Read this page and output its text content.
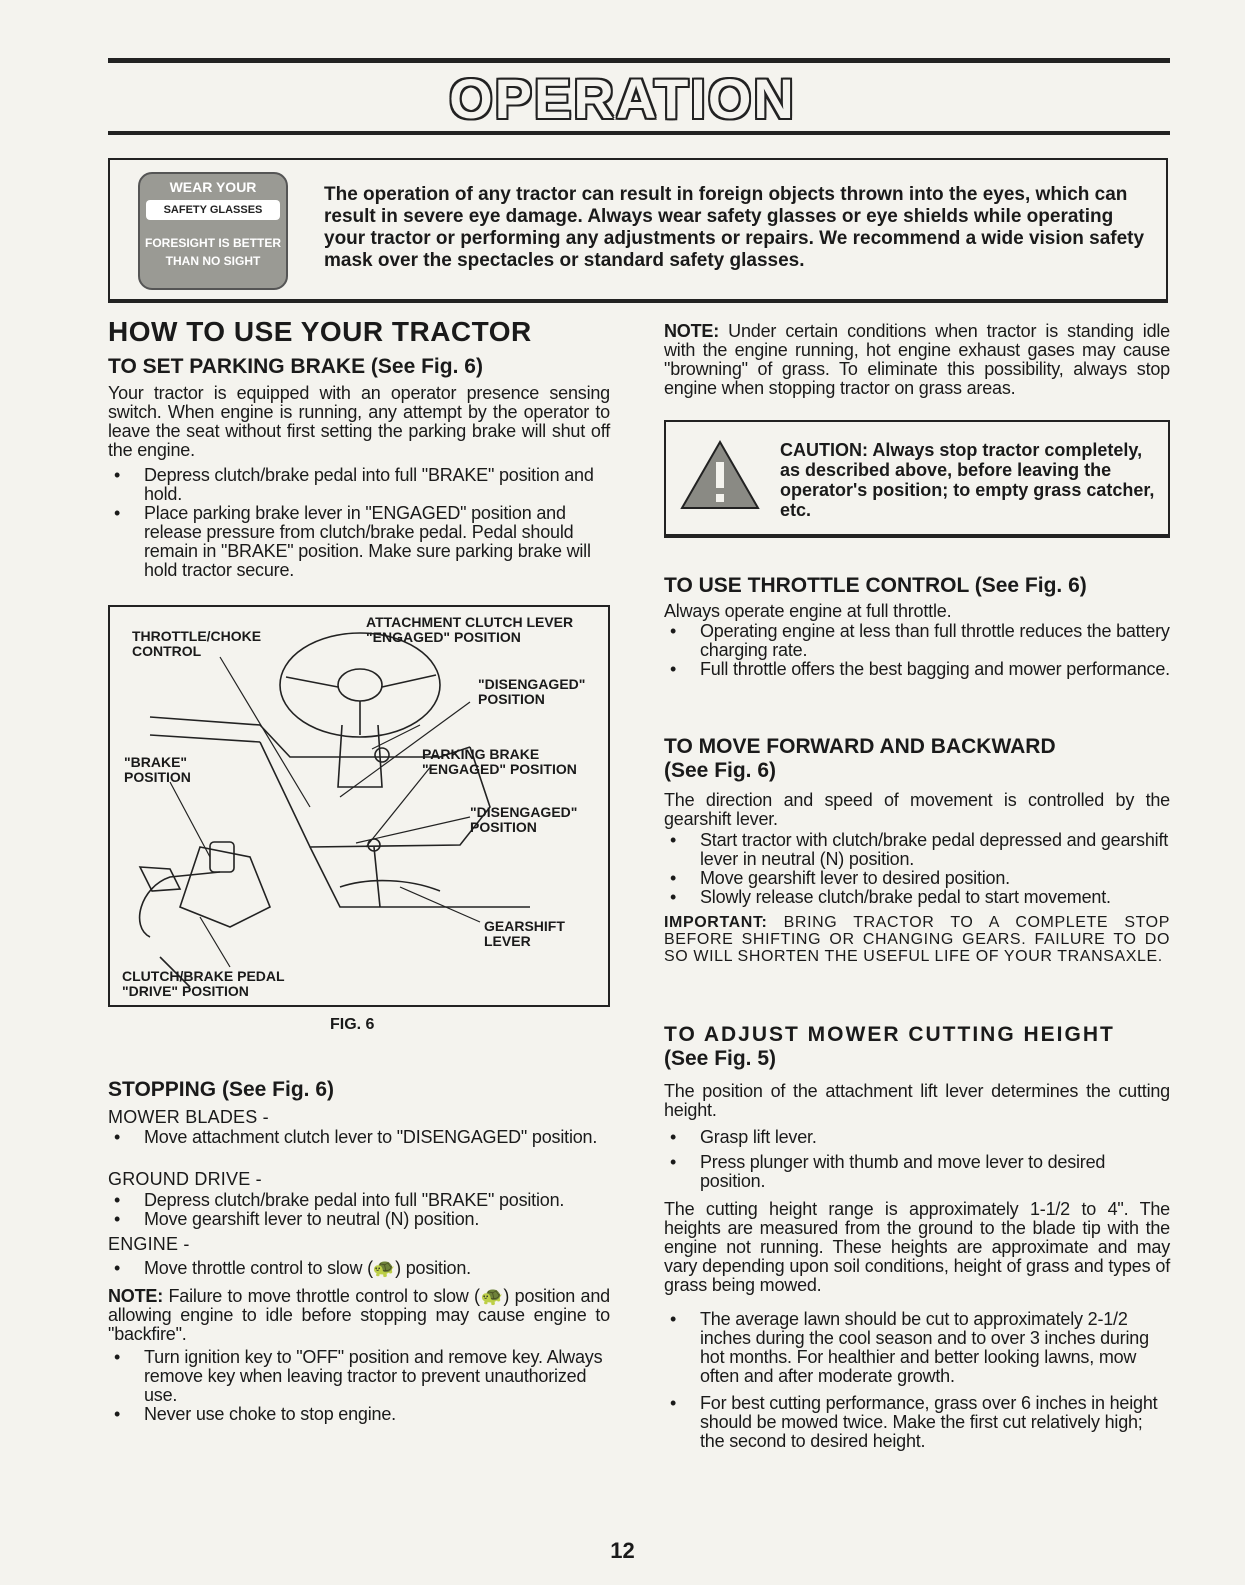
OPERATION
WEAR YOUR
SAFETY GLASSES
FORESIGHT IS BETTER
THAN NO SIGHT
The operation of any tractor can result in foreign objects thrown into the eyes, which can result in severe eye damage. Always wear safety glasses or eye shields while operating your tractor or performing any adjustments or repairs. We recommend a wide vision safety mask over the spectacles or standard safety glasses.
HOW TO USE YOUR TRACTOR
TO SET PARKING BRAKE (See Fig. 6)

Your tractor is equipped with an operator presence sensing switch. When engine is running, any attempt by the operator to leave the seat without first setting the parking brake will shut off the engine.

• Depress clutch/brake pedal into full "BRAKE" position and hold.
• Place parking brake lever in "ENGAGED" position and release pressure from clutch/brake pedal. Pedal should remain in "BRAKE" position. Make sure parking brake will hold tractor secure.
THROTTLE/CHOKE
CONTROL
ATTACHMENT CLUTCH LEVER
"ENGAGED" POSITION
"DISENGAGED"
POSITION
"BRAKE"
POSITION
PARKING BRAKE
"ENGAGED" POSITION
"DISENGAGED"
POSITION
GEARSHIFT
LEVER
CLUTCH/BRAKE PEDAL
"DRIVE" POSITION
FIG. 6
STOPPING (See Fig. 6)
MOWER BLADES -
• Move attachment clutch lever to "DISENGAGED" position.
GROUND DRIVE -
• Depress clutch/brake pedal into full "BRAKE" position.
• Move gearshift lever to neutral (N) position.
ENGINE -
• Move throttle control to slow (🐢) position.

NOTE: Failure to move throttle control to slow (🐢) position and allowing engine to idle before stopping may cause engine to "backfire".

• Turn ignition key to "OFF" position and remove key. Always remove key when leaving tractor to prevent unauthorized use.
• Never use choke to stop engine.

NOTE: Under certain conditions when tractor is standing idle with the engine running, hot engine exhaust gases may cause "browning" of grass. To eliminate this possibility, always stop engine when stopping tractor on grass areas.

CAUTION: Always stop tractor completely, as described above, before leaving the operator's position; to empty grass catcher, etc.
TO USE THROTTLE CONTROL (See Fig. 6)

Always operate engine at full throttle.

• Operating engine at less than full throttle reduces the battery charging rate.
• Full throttle offers the best bagging and mower performance.
TO MOVE FORWARD AND BACKWARD
(See Fig. 6)

The direction and speed of movement is controlled by the gearshift lever.

• Start tractor with clutch/brake pedal depressed and gearshift lever in neutral (N) position.
• Move gearshift lever to desired position.
• Slowly release clutch/brake pedal to start movement.

IMPORTANT: BRING TRACTOR TO A COMPLETE STOP BEFORE SHIFTING OR CHANGING GEARS. FAILURE TO DO SO WILL SHORTEN THE USEFUL LIFE OF YOUR TRANSAXLE.

TO ADJUST MOWER CUTTING HEIGHT
(See Fig. 5)

The position of the attachment lift lever determines the cutting height.

• Grasp lift lever.
• Press plunger with thumb and move lever to desired position.

The cutting height range is approximately 1-1/2 to 4". The heights are measured from the ground to the blade tip with the engine not running. These heights are approximate and may vary depending upon soil conditions, height of grass and types of grass being mowed.

• The average lawn should be cut to approximately 2-1/2 inches during the cool season and to over 3 inches during hot months. For healthier and better looking lawns, mow often and after moderate growth.
• For best cutting performance, grass over 6 inches in height should be mowed twice. Make the first cut relatively high; the second to desired height.
12
